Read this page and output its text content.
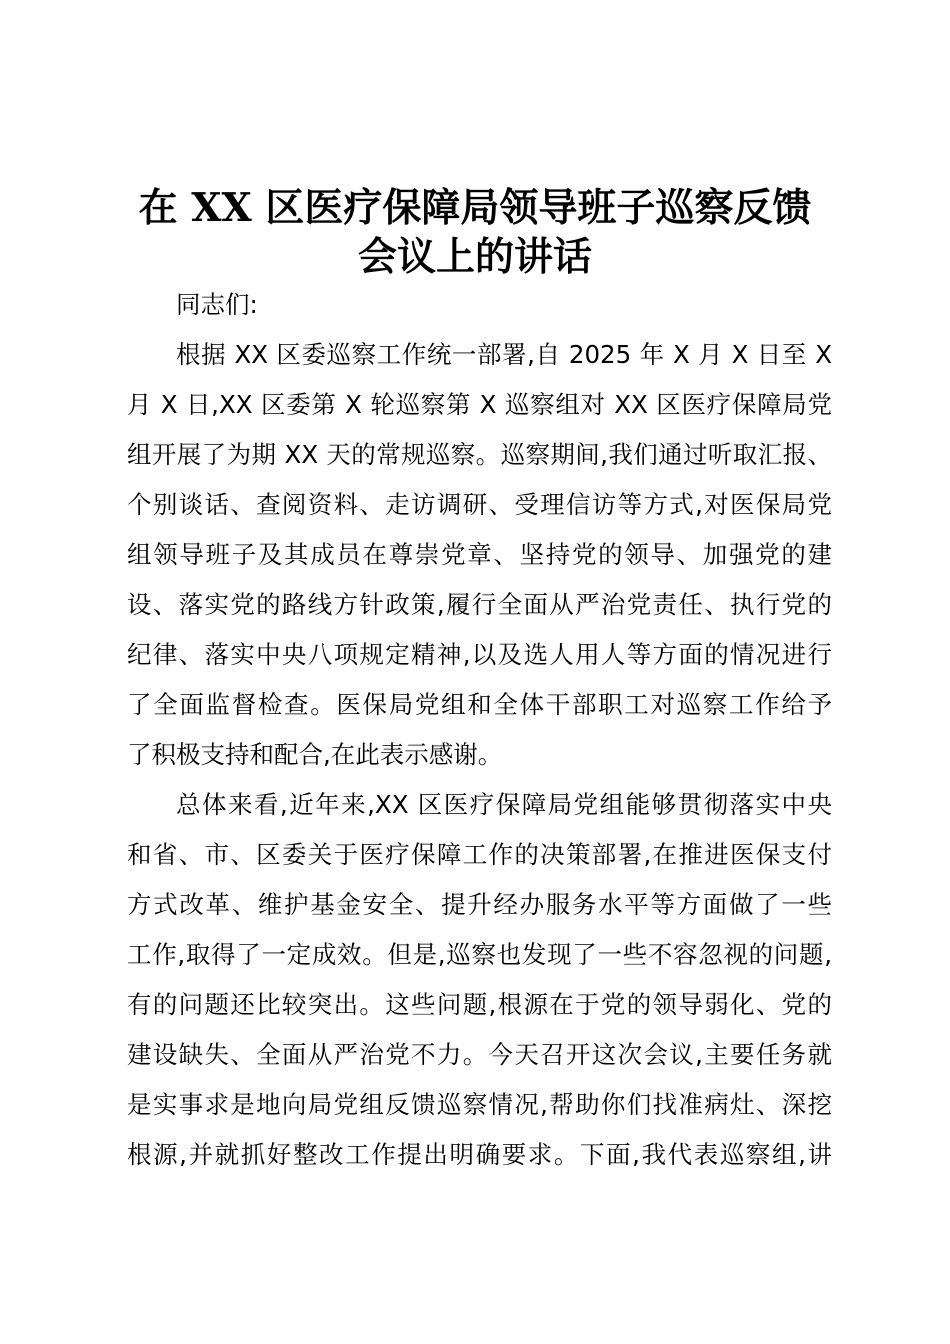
在 XX 区医疗保障局领导班子巡察反馈
会议上的讲话
同志们:
根据 XX 区委巡察工作统一部署,自 2025 年 X 月 X 日至 X
月 X 日,XX 区委第 X 轮巡察第 X 巡察组对 XX 区医疗保障局党
组开展了为期 XX 天的常规巡察。巡察期间,我们通过听取汇报、
个别谈话、查阅资料、走访调研、受理信访等方式,对医保局党
组领导班子及其成员在尊崇党章、坚持党的领导、加强党的建
设、落实党的路线方针政策,履行全面从严治党责任、执行党的
纪律、落实中央八项规定精神,以及选人用人等方面的情况进行
了全面监督检查。医保局党组和全体干部职工对巡察工作给予
了积极支持和配合,在此表示感谢。
总体来看,近年来,XX 区医疗保障局党组能够贯彻落实中央
和省、市、区委关于医疗保障工作的决策部署,在推进医保支付
方式改革、维护基金安全、提升经办服务水平等方面做了一些
工作,取得了一定成效。但是,巡察也发现了一些不容忽视的问题,
有的问题还比较突出。这些问题,根源在于党的领导弱化、党的
建设缺失、全面从严治党不力。今天召开这次会议,主要任务就
是实事求是地向局党组反馈巡察情况,帮助你们找准病灶、深挖
根源,并就抓好整改工作提出明确要求。下面,我代表巡察组,讲
